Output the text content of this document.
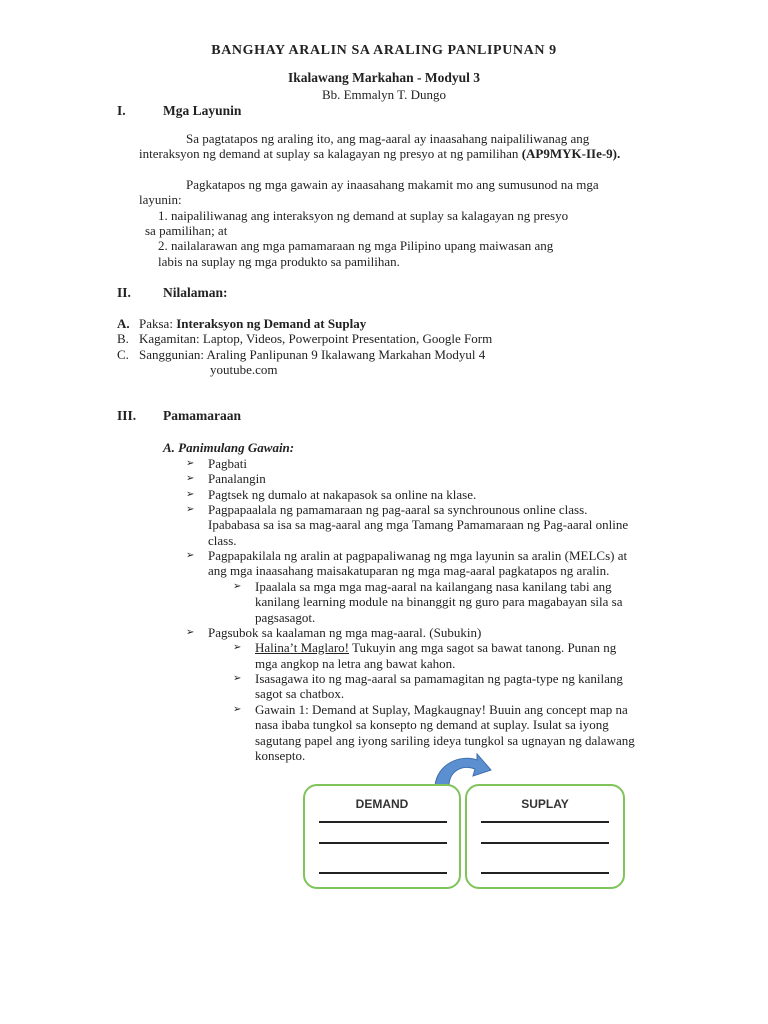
BANGHAY ARALIN SA ARALING PANLIPUNAN 9
Ikalawang Markahan - Modyul 3
Bb. Emmalyn T. Dungo
I.	Mga Layunin
Sa pagtatapos ng araling ito, ang mag-aaral ay inaasahang naipaliliwanag ang
interaksyon ng demand at suplay sa kalagayan ng presyo at ng pamilihan (AP9MYK-IIe-9).
Pagkatapos ng mga gawain ay inaasahang makamit mo ang sumusunod na mga
layunin:
1. naipaliliwanag ang interaksyon ng demand at suplay sa kalagayan ng presyo
sa pamilihan; at
2. nailalarawan ang mga pamamaraan ng mga Pilipino upang maiwasan ang
labis na suplay ng mga produkto sa pamilihan.
II. Nilalaman:
A. Paksa: Interaksyon ng Demand at Suplay
B. Kagamitan: Laptop, Videos, Powerpoint Presentation, Google Form
C. Sanggunian: Araling Panlipunan 9 Ikalawang Markahan Modyul 4
youtube.com
III. Pamamaraan
A. Panimulang Gawain:
➢ Pagbati
➢ Panalangin
➢ Pagtsek ng dumalo at nakapasok sa online na klase.
➢ Pagpapaalala ng pamamaraan ng pag-aaral sa synchrounous online class.
Ipababasa sa isa sa mag-aaral ang mga Tamang Pamamaraan ng Pag-aaral online
class.
➢ Pagpapakilala ng aralin at pagpapaliwanag ng mga layunin sa aralin (MELCs) at
ang mga inaasahang maisakatuparan ng mga mag-aaral pagkatapos ng aralin.
➢ Ipaalala sa mga mga mag-aaral na kailangang nasa kanilang tabi ang
kanilang learning module na binanggit ng guro para magabayan sila sa
pagsasagot.
➢ Pagsubok sa kaalaman ng mga mag-aaral. (Subukin)
➢ Halina’t Maglaro! Tukuyin ang mga sagot sa bawat tanong. Punan ng
mga angkop na letra ang bawat kahon.
➢ Isasagawa ito ng mag-aaral sa pamamagitan ng pagta-type ng kanilang
sagot sa chatbox.
➢ Gawain 1: Demand at Suplay, Magkaugnay! Buuin ang concept map na
nasa ibaba tungkol sa konsepto ng demand at suplay. Isulat sa iyong
sagutang papel ang iyong sariling ideya tungkol sa ugnayan ng dalawang
konsepto.
DEMAND	SUPLAY
